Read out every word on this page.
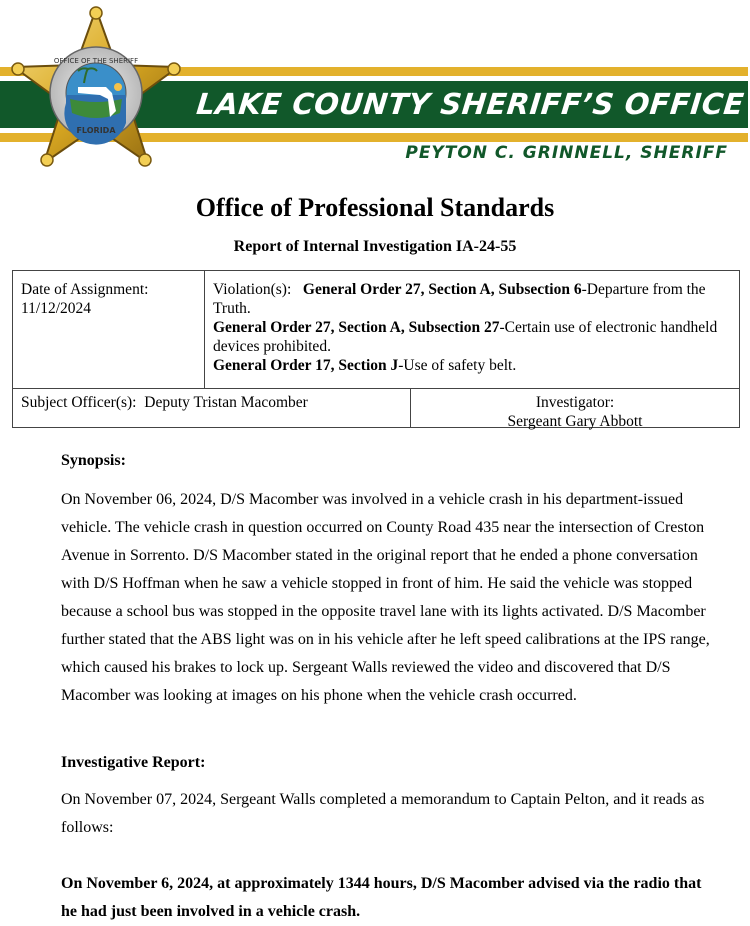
LAKE COUNTY SHERIFF’S OFFICE
PEYTON C. GRINNELL, SHERIFF
OFFICE OF THE SHERIFF
FLORIDA
Office of Professional Standards
Report of Internal Investigation IA-24-55
Date of Assignment:
11/12/2024
Violation(s): General Order 27, Section A, Subsection 6-Departure from the Truth.
General Order 27, Section A, Subsection 27-Certain use of electronic handheld devices prohibited.
General Order 17, Section J-Use of safety belt.
Subject Officer(s): Deputy Tristan Macomber	Investigator:
Sergeant Gary Abbott

Synopsis:

On November 06, 2024, D/S Macomber was involved in a vehicle crash in his department-issued vehicle. The vehicle crash in question occurred on County Road 435 near the intersection of Creston Avenue in Sorrento. D/S Macomber stated in the original report that he ended a phone conversation with D/S Hoffman when he saw a vehicle stopped in front of him. He said the vehicle was stopped because a school bus was stopped in the opposite travel lane with its lights activated. D/S Macomber further stated that the ABS light was on in his vehicle after he left speed calibrations at the IPS range, which caused his brakes to lock up. Sergeant Walls reviewed the video and discovered that D/S Macomber was looking at images on his phone when the vehicle crash occurred.

Investigative Report:

On November 07, 2024, Sergeant Walls completed a memorandum to Captain Pelton, and it reads as follows:

On November 6, 2024, at approximately 1344 hours, D/S Macomber advised via the radio that he had just been involved in a vehicle crash.
